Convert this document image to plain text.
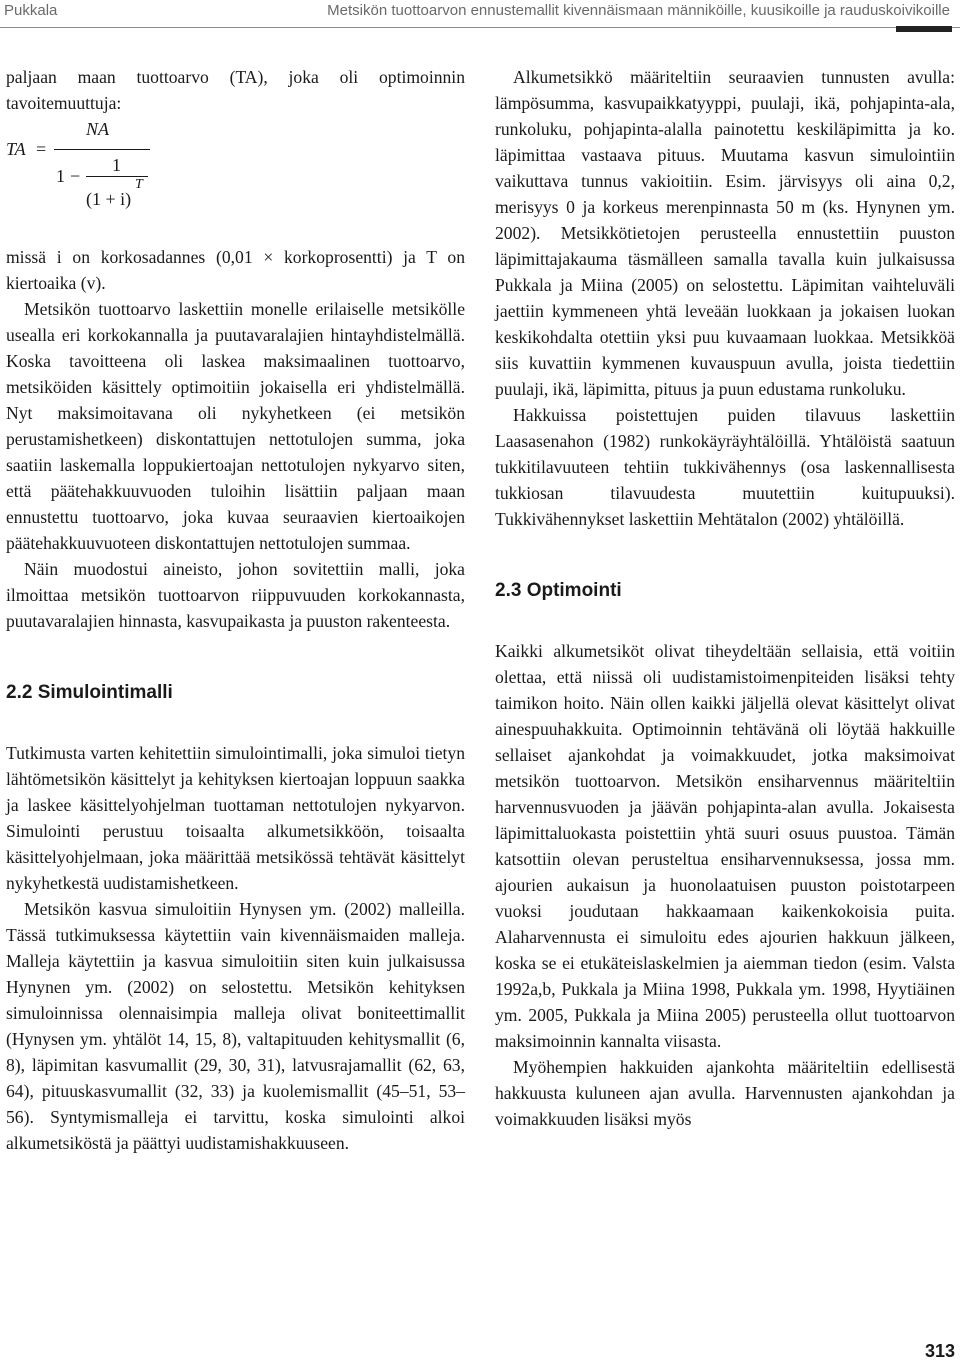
Pukkala	Metsikön tuottoarvon ennustemallit kivennäismaan männiköille, kuusikoille ja rauduskoivikoille

paljaan maan tuottoarvo (TA), joka oli optimoinnin tavoitemuuttuja:

TA =
NA
1 −
1
(1 + i)
T

missä i on korkosadannes (0,01 × korkoprosentti) ja T on kiertoaika (v).

Metsikön tuottoarvo laskettiin monelle erilaiselle metsikölle usealla eri korkokannalla ja puutavaralajien hintayhdistelmällä. Koska tavoitteena oli laskea maksimaalinen tuottoarvo, metsiköiden käsittely optimoitiin jokaisella eri yhdistelmällä. Nyt maksimoitavana oli nykyhetkeen (ei metsikön perustamishetkeen) diskontattujen nettotulojen summa, joka saatiin laskemalla loppukiertoajan nettotulojen nykyarvo siten, että päätehakkuuvuoden tuloihin lisättiin paljaan maan ennustettu tuottoarvo, joka kuvaa seuraavien kiertoaikojen päätehakkuuvuoteen diskontattujen nettotulojen summaa.

Näin muodostui aineisto, johon sovitettiin malli, joka ilmoittaa metsikön tuottoarvon riippuvuuden korkokannasta, puutavaralajien hinnasta, kasvupaikasta ja puuston rakenteesta.

2.2 Simulointimalli

Tutkimusta varten kehitettiin simulointimalli, joka simuloi tietyn lähtömetsikön käsittelyt ja kehityksen kiertoajan loppuun saakka ja laskee käsittelyohjelman tuottaman nettotulojen nykyarvon. Simulointi perustuu toisaalta alkumetsikköön, toisaalta käsittelyohjelmaan, joka määrittää metsikössä tehtävät käsittelyt nykyhetkestä uudistamishetkeen.

Metsikön kasvua simuloitiin Hynysen ym. (2002) malleilla. Tässä tutkimuksessa käytettiin vain kivennäismaiden malleja. Malleja käytettiin ja kasvua simuloitiin siten kuin julkaisussa Hynynen ym. (2002) on selostettu. Metsikön kehityksen simuloinnissa olennaisimpia malleja olivat boniteettimallit (Hynysen ym. yhtälöt 14, 15, 8), valtapituuden kehitysmallit (6, 8), läpimitan kasvumallit (29, 30, 31), latvusrajamallit (62, 63, 64), pituuskasvumallit (32, 33) ja kuolemismallit (45–51, 53–56). Syntymismalleja ei tarvittu, koska simulointi alkoi alkumetsiköstä ja päättyi uudistamishakkuuseen.

Alkumetsikkö määriteltiin seuraavien tunnusten avulla: lämpösumma, kasvupaikkatyyppi, puulaji, ikä, pohjapinta-ala, runkoluku, pohjapinta-alalla painotettu keskiläpimitta ja ko. läpimittaa vastaava pituus. Muutama kasvun simulointiin vaikuttava tunnus vakioitiin. Esim. järvisyys oli aina 0,2, merisyys 0 ja korkeus merenpinnasta 50 m (ks. Hynynen ym. 2002). Metsikkötietojen perusteella ennustettiin puuston läpimittajakauma täsmälleen samalla tavalla kuin julkaisussa Pukkala ja Miina (2005) on selostettu. Läpimitan vaihteluväli jaettiin kymmeneen yhtä leveään luokkaan ja jokaisen luokan keskikohdalta otettiin yksi puu kuvaamaan luokkaa. Metsikköä siis kuvattiin kymmenen kuvauspuun avulla, joista tiedettiin puulaji, ikä, läpimitta, pituus ja puun edustama runkoluku.

Hakkuissa poistettujen puiden tilavuus laskettiin Laasasenahon (1982) runkokäyräyhtälöillä. Yhtälöistä saatuun tukkitilavuuteen tehtiin tukkivähennys (osa laskennallisesta tukkiosan tilavuudesta muutettiin kuitupuuksi). Tukkivähennykset laskettiin Mehtätalon (2002) yhtälöillä.

2.3 Optimointi

Kaikki alkumetsiköt olivat tiheydeltään sellaisia, että voitiin olettaa, että niissä oli uudistamistoimenpiteiden lisäksi tehty taimikon hoito. Näin ollen kaikki jäljellä olevat käsittelyt olivat ainespuuhakkuita. Optimoinnin tehtävänä oli löytää hakkuille sellaiset ajankohdat ja voimakkuudet, jotka maksimoivat metsikön tuottoarvon. Metsikön ensiharvennus määriteltiin harvennusvuoden ja jäävän pohjapinta-alan avulla. Jokaisesta läpimittaluokasta poistettiin yhtä suuri osuus puustoa. Tämän katsottiin olevan perusteltua ensiharvennuksessa, jossa mm. ajourien aukaisun ja huonolaatuisen puuston poistotarpeen vuoksi joudutaan hakkaamaan kaikenkokoisia puita. Alaharvennusta ei simuloitu edes ajourien hakkuun jälkeen, koska se ei etukäteislaskelmien ja aiemman tiedon (esim. Valsta 1992a,b, Pukkala ja Miina 1998, Pukkala ym. 1998, Hyytiäinen ym. 2005, Pukkala ja Miina 2005) perusteella ollut tuottoarvon maksimoinnin kannalta viisasta.

Myöhempien hakkuiden ajankohta määriteltiin edellisestä hakkuusta kuluneen ajan avulla. Harvennusten ajankohdan ja voimakkuuden lisäksi myös

313
